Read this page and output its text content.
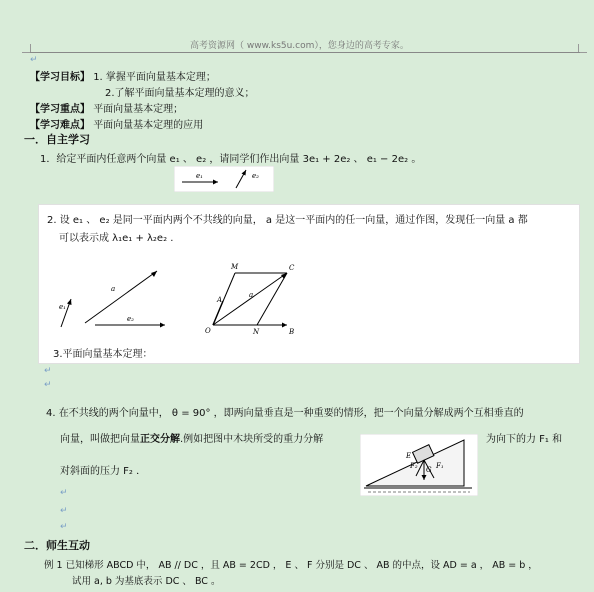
高考资源网（ www.ks5u.com），您身边的高考专家。
↵
【学习目标】 1. 掌握平面向量基本定理；
2.了解平面向量基本定理的意义；
【学习重点】 平面向量基本定理；
【学习难点】 平面向量基本定理的应用
一．自主学习
1．给定平面内任意两个向量 e₁ 、 e₂ ，请同学们作出向量 3e₁ + 2e₂ 、 e₁ − 2e₂ 。
e₁	e₂
2. 设 e₁ 、 e₂ 是同一平面内两个不共线的向量， a 是这一平面内的任一向量，通过作图，发现任一向量 a 都
可以表示成 λ₁e₁ + λ₂e₂ .
e₁
a
e₂
M	C
A
a
O	N	B
3.平面向量基本定理：
↵
↵
4. 在不共线的两个向量中， θ = 90° ，即两向量垂直是一种重要的情形，把一个向量分解成两个互相垂直的
向量，叫做把向量正交分解.例如把图中木块所受的重力分解	为向下的力 F₁ 和
对斜面的压力 F₂ ．
E
F₂ G F₁
↵
↵
↵
二．师生互动
例 1 已知梯形 ABCD 中， AB // DC ，且 AB = 2CD ， E 、 F 分别是 DC 、 AB 的中点，设 AD = a ， AB = b ，
试用 a, b 为基底表示 DC 、 BC 。
